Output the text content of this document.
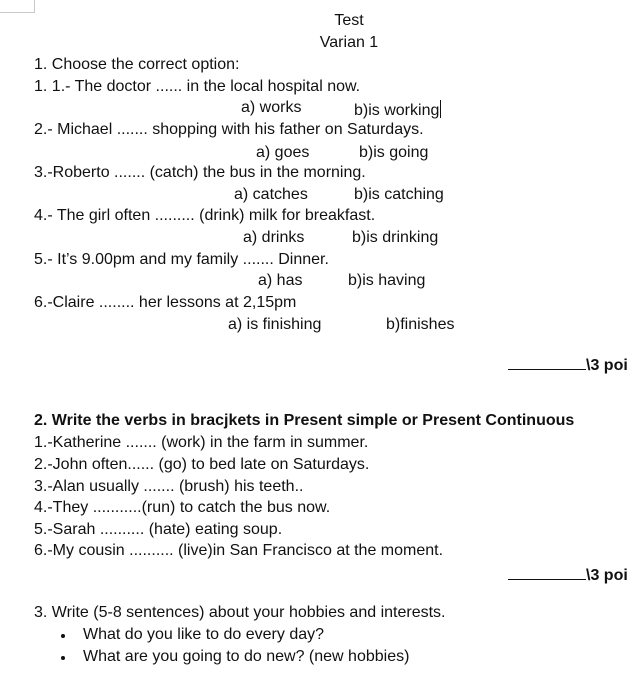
Test
Varian 1
1. Choose the correct option:
1. 1.- The doctor ...... in the local hospital now.
a) works	b)is working
2.- Michael ....... shopping with his father on Saturdays.
a) goes	b)is going
3.-Roberto ....... (catch) the bus in the morning.
a) catches	b)is catching
4.- The girl often ......... (drink) milk for breakfast.
a) drinks	b)is drinking
5.- It’s 9.00pm and my family ....... Dinner.
a) has	b)is having
6.-Claire ........ her lessons at 2,15pm
a) is finishing	b)finishes
\3 poi
2. Write the verbs in bracjkets in Present simple or Present Continuous
1.-Katherine ....... (work) in the farm in summer.
2.-John often...... (go) to bed late on Saturdays.
3.-Alan usually ....... (brush) his teeth..
4.-They ...........(run) to catch the bus now.
5.-Sarah .......... (hate) eating soup.
6.-My cousin .......... (live)in San Francisco at the moment.
\3 poi
3. Write (5-8 sentences) about your hobbies and interests.
What do you like to do every day?
What are you going to do new? (new hobbies)
